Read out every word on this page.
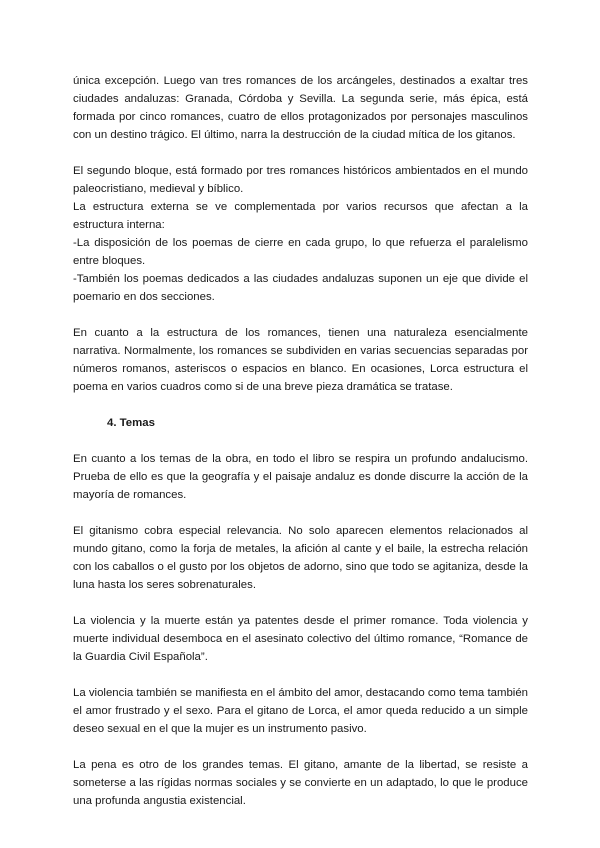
única excepción. Luego van tres romances de los arcángeles, destinados a exaltar tres ciudades andaluzas: Granada, Córdoba y Sevilla. La segunda serie, más épica, está formada por cinco romances, cuatro de ellos protagonizados por personajes masculinos con un destino trágico. El último, narra la destrucción de la ciudad mítica de los gitanos.

El segundo bloque, está formado por tres romances históricos ambientados en el mundo paleocristiano, medieval y bíblico.

La estructura externa se ve complementada por varios recursos que afectan a la estructura interna:

-La disposición de los poemas de cierre en cada grupo, lo que refuerza el paralelismo entre bloques.

-También los poemas dedicados a las ciudades andaluzas suponen un eje que divide el poemario en dos secciones.

En cuanto a la estructura de los romances, tienen una naturaleza esencialmente narrativa. Normalmente, los romances se subdividen en varias secuencias separadas por números romanos, asteriscos o espacios en blanco. En ocasiones, Lorca estructura el poema en varios cuadros como si de una breve pieza dramática se tratase.

4. Temas

En cuanto a los temas de la obra, en todo el libro se respira un profundo andalucismo. Prueba de ello es que la geografía y el paisaje andaluz es donde discurre la acción de la mayoría de romances.

El gitanismo cobra especial relevancia. No solo aparecen elementos relacionados al mundo gitano, como la forja de metales, la afición al cante y el baile, la estrecha relación con los caballos o el gusto por los objetos de adorno, sino que todo se agitaniza, desde la luna hasta los seres sobrenaturales.

La violencia y la muerte están ya patentes desde el primer romance. Toda violencia y muerte individual desemboca en el asesinato colectivo del último romance, “Romance de la Guardia Civil Española”.

La violencia también se manifiesta en el ámbito del amor, destacando como tema también el amor frustrado y el sexo. Para el gitano de Lorca, el amor queda reducido a un simple deseo sexual en el que la mujer es un instrumento pasivo.

La pena es otro de los grandes temas. El gitano, amante de la libertad, se resiste a someterse a las rígidas normas sociales y se convierte en un adaptado, lo que le produce una profunda angustia existencial.
